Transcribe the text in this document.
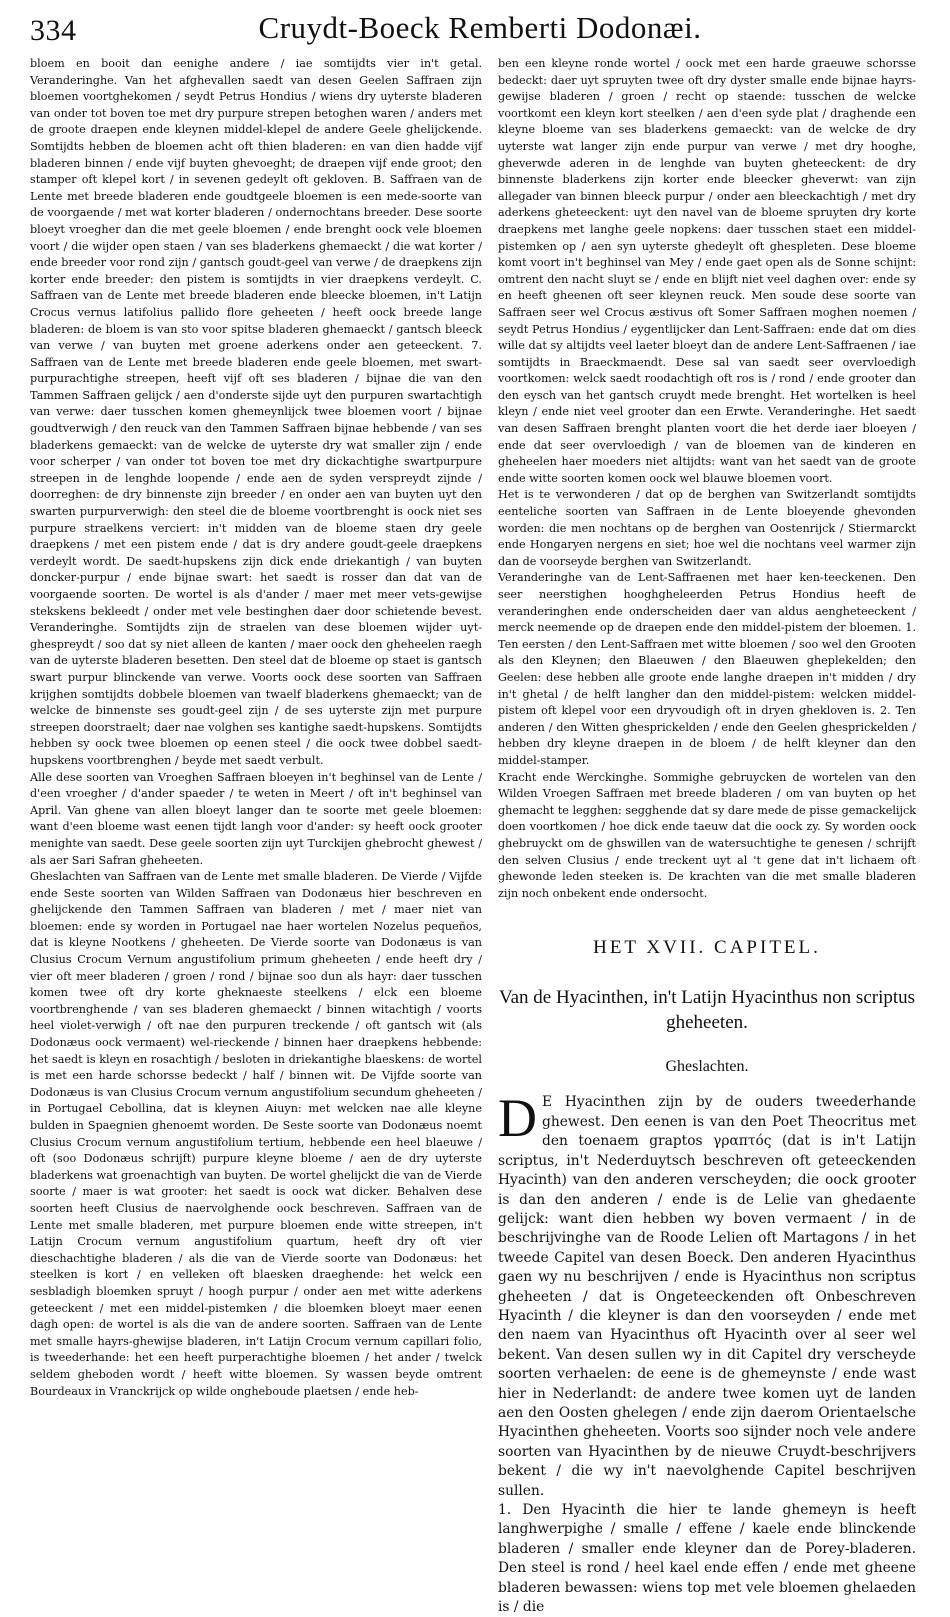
334	Cruydt-Boeck Remberti Dodonæi.

bloem en booit dan eenighe andere / iae somtijdts vier in't getal. Veranderinghe. Van het afghevallen saedt van desen Geelen Saffraen zijn bloemen voortghekomen / seydt Petrus Hondius / wiens dry uyterste bladeren van onder tot boven toe met dry purpure strepen betoghen waren / anders met de groote draepen ende kleynen middel-klepel de andere Geele ghelijckende. Somtijdts hebben de bloemen acht oft thien bladeren: en van dien hadde vijf bladeren binnen / ende vijf buyten ghevoeght; de draepen vijf ende groot; den stamper oft klepel kort / in sevenen gedeylt oft gekloven. B. Saffraen van de Lente met breede bladeren ende goudtgeele bloemen is een mede-soorte van de voorgaende / met wat korter bladeren / ondernochtans breeder. Dese soorte bloeyt vroegher dan die met geele bloemen / ende brenght oock vele bloemen voort / die wijder open staen / van ses bladerkens ghemaeckt / die wat korter / ende breeder voor rond zijn / gantsch goudt-geel van verwe / de draepkens zijn korter ende breeder: den pistem is somtijdts in vier draepkens verdeylt. C. Saffraen van de Lente met breede bladeren ende bleecke bloemen, in't Latijn Crocus vernus latifolius pallido flore geheeten / heeft oock breede lange bladeren: de bloem is van sto voor spitse bladeren ghemaeckt / gantsch bleeck van verwe / van buyten met groene aderkens onder aen geteeckent. 7. Saffraen van de Lente met breede bladeren ende geele bloemen, met swart-purpurachtighe streepen, heeft vijf oft ses bladeren / bijnae die van den Tammen Saffraen gelijck / aen d'onderste sijde uyt den purpuren swartachtigh van verwe: daer tusschen komen ghemeynlijck twee bloemen voort / bijnae goudtverwigh / den reuck van den Tammen Saffraen bijnae hebbende / van ses bladerkens gemaeckt: van de welcke de uyterste dry wat smaller zijn / ende voor scherper / van onder tot boven toe met dry dickachtighe swartpurpure streepen in de lenghde loopende / ende aen de syden verspreydt zijnde / doorreghen: de dry binnenste zijn breeder / en onder aen van buyten uyt den swarten purpurverwigh: den steel die de bloeme voortbrenght is oock niet ses purpure straelkens verciert: in't midden van de bloeme staen dry geele draepkens / met een pistem ende / dat is dry andere goudt-geele draepkens verdeylt wordt. De saedt-hupskens zijn dick ende driekantigh / van buyten doncker-purpur / ende bijnae swart: het saedt is rosser dan dat van de voorgaende soorten. De wortel is als d'ander / maer met meer vets-gewijse stekskens bekleedt / onder met vele bestinghen daer door schietende bevest. Veranderinghe. Somtijdts zijn de straelen van dese bloemen wijder uyt-ghespreydt / soo dat sy niet alleen de kanten / maer oock den gheheelen raegh van de uyterste bladeren besetten. Den steel dat de bloeme op staet is gantsch swart purpur blinckende van verwe. Voorts oock dese soorten van Saffraen krijghen somtijdts dobbele bloemen van twaelf bladerkens ghemaeckt; van de welcke de binnenste ses goudt-geel zijn / de ses uyterste zijn met purpure streepen doorstraelt; daer nae volghen ses kantighe saedt-hupskens. Somtijdts hebben sy oock twee bloemen op eenen steel / die oock twee dobbel saedt-hupskens voortbrenghen / beyde met saedt verbult.

Alle dese soorten van Vroeghen Saffraen bloeyen in't beghinsel van de Lente / d'een vroegher / d'ander spaeder / te weten in Meert / oft in't beghinsel van April. Van ghene van allen bloeyt langer dan te soorte met geele bloemen: want d'een bloeme wast eenen tijdt langh voor d'ander: sy heeft oock grooter menighte van saedt. Dese geele soorten zijn uyt Turckijen ghebrocht ghewest / als aer Sari Safran gheheeten.

Gheslachten van Saffraen van de Lente met smalle bladeren. De Vierde / Vijfde ende Seste soorten van Wilden Saffraen van Dodonæus hier beschreven en ghelijckende den Tammen Saffraen van bladeren / met / maer niet van bloemen: ende sy worden in Portugael nae haer wortelen Nozelus pequeños, dat is kleyne Nootkens / gheheeten. De Vierde soorte van Dodonæus is van Clusius Crocum Vernum angustifolium primum gheheeten / ende heeft dry / vier oft meer bladeren / groen / rond / bijnae soo dun als hayr: daer tusschen komen twee oft dry korte gheknaeste steelkens / elck een bloeme voortbrenghende / van ses bladeren ghemaeckt / binnen witachtigh / voorts heel violet-verwigh / oft nae den purpuren treckende / oft gantsch wit (als Dodonæus oock vermaent) wel-rieckende / binnen haer draepkens hebbende: het saedt is kleyn en rosachtigh / besloten in driekantighe blaeskens: de wortel is met een harde schorsse bedeckt / half / binnen wit. De Vijfde soorte van Dodonæus is van Clusius Crocum vernum angustifolium secundum gheheeten / in Portugael Cebollina, dat is kleynen Aiuyn: met welcken nae alle kleyne bulden in Spaegnien ghenoemt worden. De Seste soorte van Dodonæus noemt Clusius Crocum vernum angustifolium tertium, hebbende een heel blaeuwe / oft (soo Dodonæus schrijft) purpure kleyne bloeme / aen de dry uyterste bladerkens wat groenachtigh van buyten. De wortel ghelijckt die van de Vierde soorte / maer is wat grooter: het saedt is oock wat dicker. Behalven dese soorten heeft Clusius de naervolghende oock beschreven. Saffraen van de Lente met smalle bladeren, met purpure bloemen ende witte streepen, in't Latijn Crocum vernum angustifolium quartum, heeft dry oft vier dieschachtighe bladeren / als die van de Vierde soorte van Dodonæus: het steelken is kort / en velleken oft blaesken draeghende: het welck een sesbladigh bloemken spruyt / hoogh purpur / onder aen met witte aderkens geteeckent / met een middel-pistemken / die bloemken bloeyt maer eenen dagh open: de wortel is als die van de andere soorten. Saffraen van de Lente met smalle hayrs-ghewijse bladeren, in't Latijn Crocum vernum capillari folio, is tweederhande: het een heeft purperachtighe bloemen / het ander / twelck seldem gheboden wordt / heeft witte bloemen. Sy wassen beyde omtrent Bourdeaux in Vranckrijck op wilde ongheboude plaetsen / ende heb-

ben een kleyne ronde wortel / oock met een harde graeuwe schorsse bedeckt: daer uyt spruyten twee oft dry dyster smalle ende bijnae hayrs-gewijse bladeren / groen / recht op staende: tusschen de welcke voortkomt een kleyn kort steelken / aen d'een syde plat / draghende een kleyne bloeme van ses bladerkens gemaeckt: van de welcke de dry uyterste wat langer zijn ende purpur van verwe / met dry hooghe, gheverwde aderen in de lenghde van buyten gheteeckent: de dry binnenste bladerkens zijn korter ende bleecker gheverwt: van zijn allegader van binnen bleeck purpur / onder aen bleeckachtigh / met dry aderkens gheteeckent: uyt den navel van de bloeme spruyten dry korte draepkens met langhe geele nopkens: daer tusschen staet een middel-pistemken op / aen syn uyterste ghedeylt oft ghespleten. Dese bloeme komt voort in't beghinsel van Mey / ende gaet open als de Sonne schijnt: omtrent den nacht sluyt se / ende en blijft niet veel daghen over: ende sy en heeft gheenen oft seer kleynen reuck. Men soude dese soorte van Saffraen seer wel Crocus æstivus oft Somer Saffraen moghen noemen / seydt Petrus Hondius / eygentlijcker dan Lent-Saffraen: ende dat om dies wille dat sy altijdts veel laeter bloeyt dan de andere Lent-Saffraenen / iae somtijdts in Braeckmaendt. Dese sal van saedt seer overvloedigh voortkomen: welck saedt roodachtigh oft ros is / rond / ende grooter dan den eysch van het gantsch cruydt mede brenght. Het wortelken is heel kleyn / ende niet veel grooter dan een Erwte. Veranderinghe. Het saedt van desen Saffraen brenght planten voort die het derde iaer bloeyen / ende dat seer overvloedigh / van de bloemen van de kinderen en gheheelen haer moeders niet altijdts: want van het saedt van de groote ende witte soorten komen oock wel blauwe bloemen voort.

Het is te verwonderen / dat op de berghen van Switzerlandt somtijdts eenteliche soorten van Saffraen in de Lente bloeyende ghevonden worden: die men nochtans op de berghen van Oostenrijck / Stiermarckt ende Hongaryen nergens en siet; hoe wel die nochtans veel warmer zijn dan de voorseyde berghen van Switzerlandt.

Veranderinghe van de Lent-Saffraenen met haer ken-teeckenen. Den seer neerstighen hooghgheleerden Petrus Hondius heeft de veranderinghen ende onderscheiden daer van aldus aengheteeckent / merck neemende op de draepen ende den middel-pistem der bloemen. 1. Ten eersten / den Lent-Saffraen met witte bloemen / soo wel den Grooten als den Kleynen; den Blaeuwen / den Blaeuwen gheplekelden; den Geelen: dese hebben alle groote ende langhe draepen in't midden / dry in't ghetal / de helft langher dan den middel-pistem: welcken middel-pistem oft klepel voor een dryvoudigh oft in dryen ghekloven is. 2. Ten anderen / den Witten ghesprickelden / ende den Geelen ghesprickelden / hebben dry kleyne draepen in de bloem / de helft kleyner dan den middel-stamper.

Kracht ende Werckinghe. Sommighe gebruycken de wortelen van den Wilden Vroegen Saffraen met breede bladeren / om van buyten op het ghemacht te legghen: segghende dat sy dare mede de pisse gemackelijck doen voortkomen / hoe dick ende taeuw dat die oock zy. Sy worden oock ghebruyckt om de ghswillen van de watersuchtighe te genesen / schrijft den selven Clusius / ende treckent uyt al 't gene dat in't lichaem oft ghewonde leden steeken is. De krachten van die met smalle bladeren zijn noch onbekent ende ondersocht.

HET XVII. CAPITEL.
Van de Hyacinthen, in't Latijn Hyacinthus non scriptus gheheeten.
Gheslachten.

D E Hyacinthen zijn by de ouders tweederhande ghewest. Den eenen is van den Poet Theocritus met den toenaem graptos γραπτός (dat is in't Latijn scriptus, in't Nederduytsch beschreven oft geteeckenden Hyacinth) van den anderen verscheyden; die oock grooter is dan den anderen / ende is de Lelie van ghedaente gelijck: want dien hebben wy boven vermaent / in de beschrijvinghe van de Roode Lelien oft Martagons / in het tweede Capitel van desen Boeck. Den anderen Hyacinthus gaen wy nu beschrijven / ende is Hyacinthus non scriptus gheheeten / dat is Ongeteeckenden oft Onbeschreven Hyacinth / die kleyner is dan den voorseyden / ende met den naem van Hyacinthus oft Hyacinth over al seer wel bekent. Van desen sullen wy in dit Capitel dry verscheyde soorten verhaelen: de eene is de ghemeynste / ende wast hier in Nederlandt: de andere twee komen uyt de landen aen den Oosten ghelegen / ende zijn daerom Orientaelsche Hyacinthen gheheeten. Voorts soo sijnder noch vele andere soorten van Hyacinthen by de nieuwe Cruydt-beschrijvers bekent / die wy in't naevolghende Capitel beschrijven sullen.

1. Den Hyacinth die hier te lande ghemeyn is heeft langhwerpighe / smalle / effene / kaele ende blinckende bladeren / smaller ende kleyner dan de Porey-bladeren. Den steel is rond / heel kael ende effen / ende met gheene bladeren bewassen: wiens top met vele bloemen ghelaeden is / die
